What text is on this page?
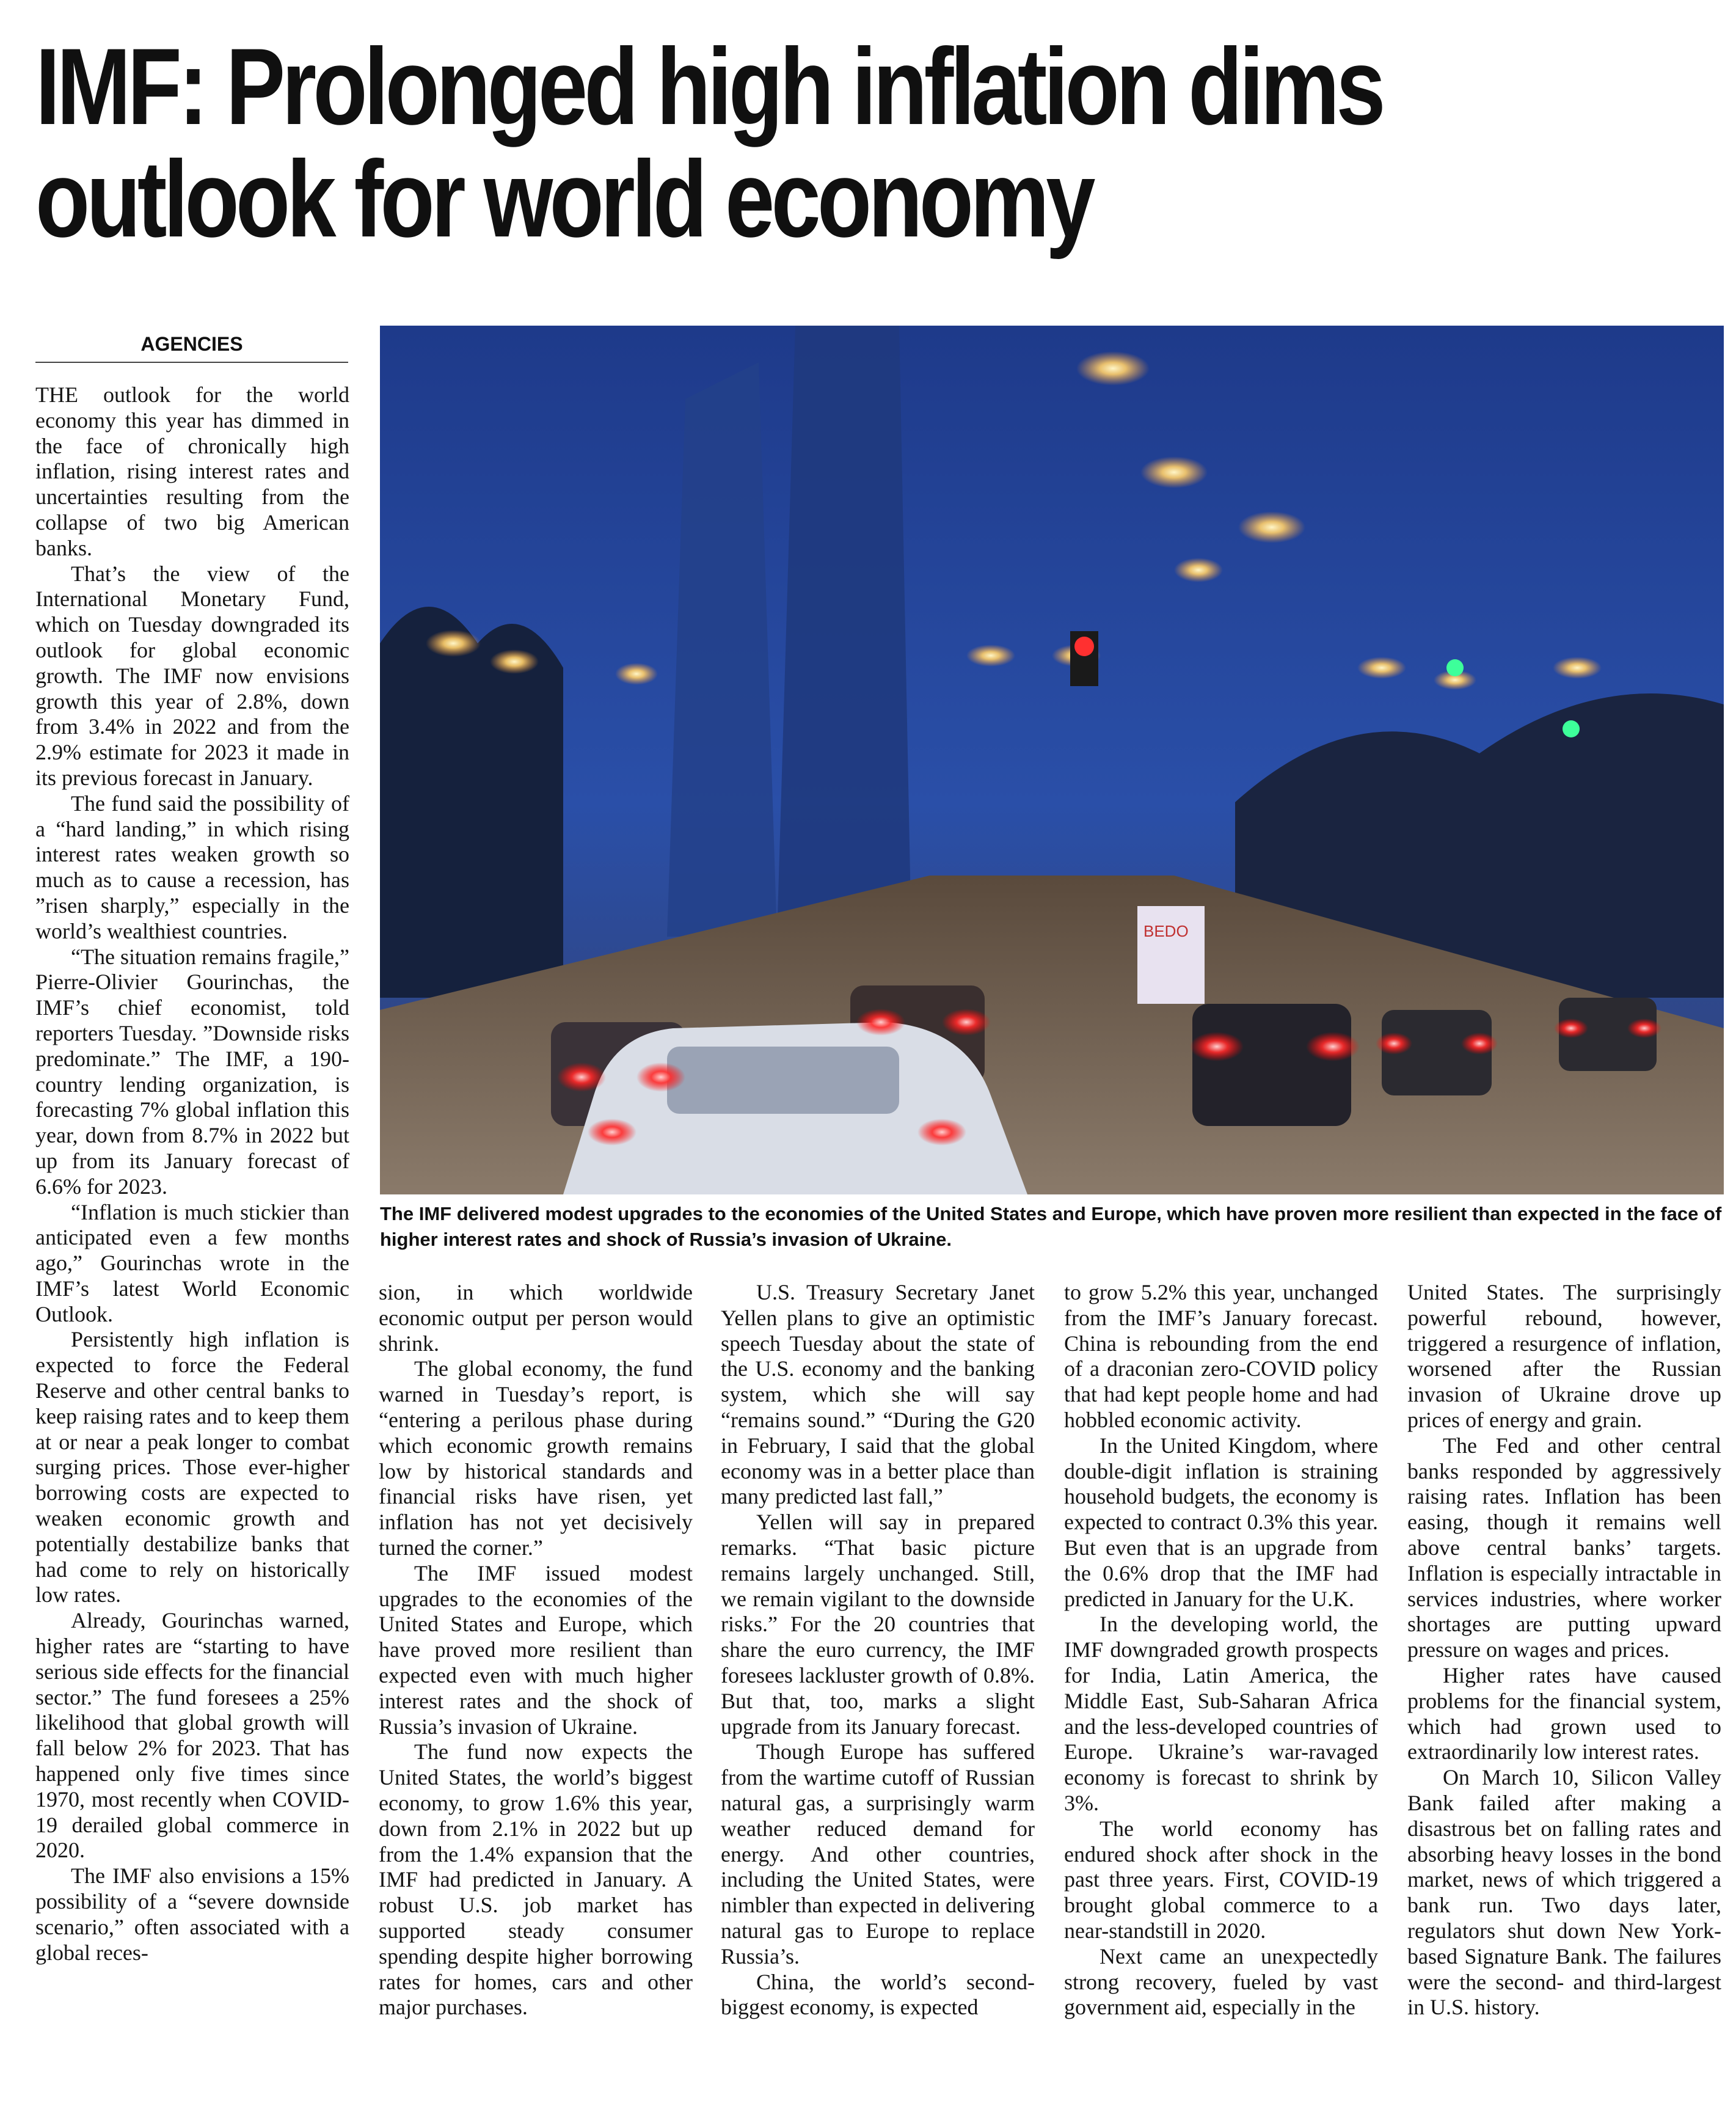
IMF: Prolonged high inflation dims
outlook for world economy
AGENCIES
BEDO
The IMF delivered modest upgrades to the economies of the United States and Europe, which have proven more resilient than expected in the face of higher interest rates and shock of Russia’s invasion of Ukraine.

THE outlook for the world economy this year has dimmed in the face of chronically high inflation, rising interest rates and uncertainties resulting from the collapse of two big American banks.

That’s the view of the International Monetary Fund, which on Tuesday downgraded its outlook for global economic growth. The IMF now envisions growth this year of 2.8%, down from 3.4% in 2022 and from the 2.9% estimate for 2023 it made in its previous forecast in January.

The fund said the possibility of a “hard landing,” in which rising interest rates weaken growth so much as to cause a recession, has ”risen sharply,” especially in the world’s wealthiest countries.

“The situation remains fragile,” Pierre-Olivier Gourinchas, the IMF’s chief economist, told reporters Tuesday. ”Downside risks predominate.” The IMF, a 190-country lending organization, is forecasting 7% global inflation this year, down from 8.7% in 2022 but up from its January forecast of 6.6% for 2023.

“Inflation is much stickier than anticipated even a few months ago,” Gourinchas wrote in the IMF’s latest World Economic Outlook.

Persistently high inflation is expected to force the Federal Reserve and other central banks to keep raising rates and to keep them at or near a peak longer to combat surging prices. Those ever-higher borrowing costs are expected to weaken economic growth and potentially destabilize banks that had come to rely on historically low rates.

Already, Gourinchas warned, higher rates are “starting to have serious side effects for the financial sector.” The fund foresees a 25% likelihood that global growth will fall below 2% for 2023. That has happened only five times since 1970, most recently when COVID-19 derailed global commerce in 2020.

The IMF also envisions a 15% possibility of a “severe downside scenario,” often associated with a global reces-

sion, in which worldwide economic output per person would shrink.

The global economy, the fund warned in Tuesday’s report, is “entering a perilous phase during which economic growth remains low by historical standards and financial risks have risen, yet inflation has not yet decisively turned the corner.”

The IMF issued modest upgrades to the economies of the United States and Europe, which have proved more resilient than expected even with much higher interest rates and the shock of Russia’s invasion of Ukraine.

The fund now expects the United States, the world’s biggest economy, to grow 1.6% this year, down from 2.1% in 2022 but up from the 1.4% expansion that the IMF had predicted in January. A robust U.S. job market has supported steady consumer spending despite higher borrowing rates for homes, cars and other major purchases.

U.S. Treasury Secretary Janet Yellen plans to give an optimistic speech Tuesday about the state of the U.S. economy and the banking system, which she will say “remains sound.” “During the G20 in February, I said that the global economy was in a better place than many predicted last fall,”

Yellen will say in prepared remarks. “That basic picture remains largely unchanged. Still, we remain vigilant to the downside risks.” For the 20 countries that share the euro currency, the IMF foresees lackluster growth of 0.8%. But that, too, marks a slight upgrade from its January forecast.

Though Europe has suffered from the wartime cutoff of Russian natural gas, a surprisingly warm weather reduced demand for energy. And other countries, including the United States, were nimbler than expected in delivering natural gas to Europe to replace Russia’s.

China, the world’s second-biggest economy, is expected

to grow 5.2% this year, unchanged from the IMF’s January forecast. China is rebounding from the end of a draconian zero-COVID policy that had kept people home and had hobbled economic activity.

In the United Kingdom, where double-digit inflation is straining household budgets, the economy is expected to contract 0.3% this year. But even that is an upgrade from the 0.6% drop that the IMF had predicted in January for the U.K.

In the developing world, the IMF downgraded growth prospects for India, Latin America, the Middle East, Sub-Saharan Africa and the less-developed countries of Europe. Ukraine’s war-ravaged economy is forecast to shrink by 3%.

The world economy has endured shock after shock in the past three years. First, COVID-19 brought global commerce to a near-standstill in 2020.

Next came an unexpectedly strong recovery, fueled by vast government aid, especially in the

United States. The surprisingly powerful rebound, however, triggered a resurgence of inflation, worsened after the Russian invasion of Ukraine drove up prices of energy and grain.

The Fed and other central banks responded by aggressively raising rates. Inflation has been easing, though it remains well above central banks’ targets. Inflation is especially intractable in services industries, where worker shortages are putting upward pressure on wages and prices.

Higher rates have caused problems for the financial system, which had grown used to extraordinarily low interest rates.

On March 10, Silicon Valley Bank failed after making a disastrous bet on falling rates and absorbing heavy losses in the bond market, news of which triggered a bank run. Two days later, regulators shut down New York-based Signature Bank. The failures were the second- and third-largest in U.S. history.
